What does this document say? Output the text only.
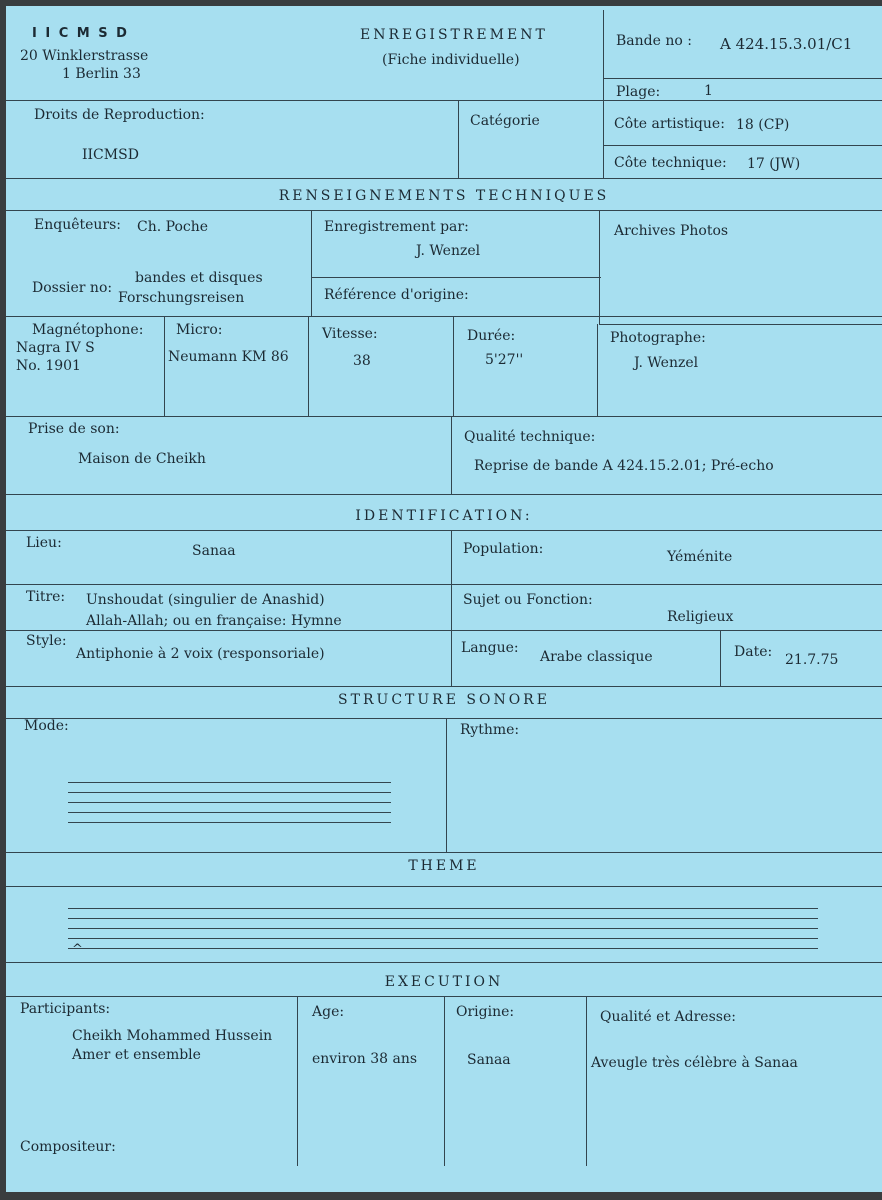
I I C M S D
20 Winklerstrasse
1 Berlin 33
ENREGISTREMENT
(Fiche individuelle)
Bande no : A 424.15.3.01/C1
Plage:	1
Droits de Reproduction:
IICMSD
Catégorie	Côte artistique: 18 (CP)
Côte technique: 17 (JW)
RENSEIGNEMENTS TECHNIQUES
Enquêteurs: Ch. Poche	Enregistrement par:
J. Wenzel
Archives Photos
Dossier no:
bandes et disques
Forschungsreisen	Référence d'origine:
Magnétophone:
Nagra IV S
No. 1901
Micro:
Neumann KM 86
Vitesse:
38
Durée:
5'27''
Photographe:
J. Wenzel
Prise de son:
Maison de Cheikh
Qualité technique:
Reprise de bande A 424.15.2.01; Pré-echo
IDENTIFICATION:
Lieu:	Sanaa	Population:	Yéménite
Titre: Unshoudat (singulier de Anashid)
Allah-Allah; ou en française: Hymne
Sujet ou Fonction:
Religieux
Style:
Antiphonie à 2 voix (responsoriale)	Langue:
Arabe classique	Date: 21.7.75
STRUCTURE SONORE
Mode:	Rythme:
THEME
^
EXECUTION
Participants:
Cheikh Mohammed Hussein
Amer et ensemble
Age:
environ 38 ans
Origine:
Sanaa
Qualité et Adresse:
Aveugle très célèbre à Sanaa
Compositeur:
